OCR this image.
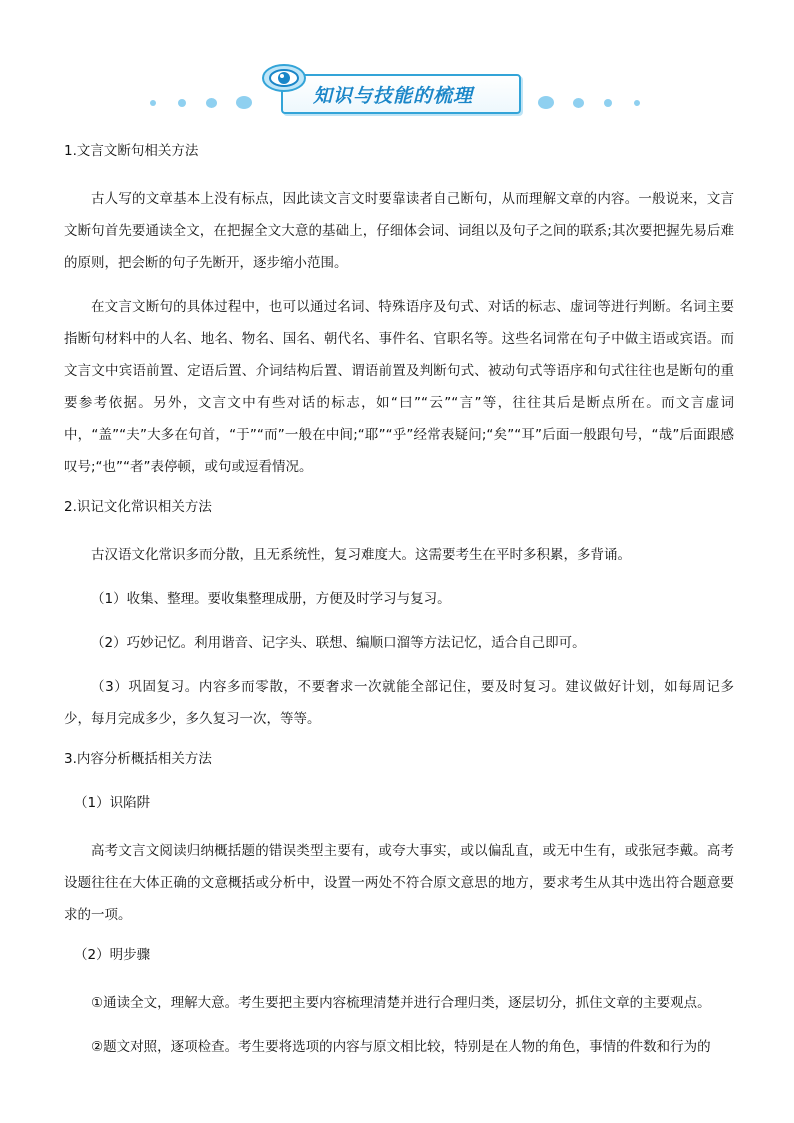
知识与技能的梳理

1.文言文断句相关方法

古人写的文章基本上没有标点，因此读文言文时要靠读者自己断句，从而理解文章的内容。一般说来，文言文断句首先要通读全文，在把握全文大意的基础上，仔细体会词、词组以及句子之间的联系;其次要把握先易后难的原则，把会断的句子先断开，逐步缩小范围。

在文言文断句的具体过程中，也可以通过名词、特殊语序及句式、对话的标志、虚词等进行判断。名词主要指断句材料中的人名、地名、物名、国名、朝代名、事件名、官职名等。这些名词常在句子中做主语或宾语。而文言文中宾语前置、定语后置、介词结构后置、谓语前置及判断句式、被动句式等语序和句式往往也是断句的重要参考依据。另外，文言文中有些对话的标志，如“曰”“云”“言”等，往往其后是断点所在。而文言虚词中，“盖”“夫”大多在句首，“于”“而”一般在中间;“耶”“乎”经常表疑问;“矣”“耳”后面一般跟句号，“哉”后面跟感叹号;“也”“者”表停顿，或句或逗看情况。

2.识记文化常识相关方法

古汉语文化常识多而分散，且无系统性，复习难度大。这需要考生在平时多积累，多背诵。

（1）收集、整理。要收集整理成册，方便及时学习与复习。

（2）巧妙记忆。利用谐音、记字头、联想、编顺口溜等方法记忆，适合自己即可。

（3）巩固复习。内容多而零散，不要奢求一次就能全部记住，要及时复习。建议做好计划，如每周记多少，每月完成多少，多久复习一次，等等。

3.内容分析概括相关方法

（1）识陷阱

高考文言文阅读归纳概括题的错误类型主要有，或夸大事实，或以偏乱直，或无中生有，或张冠李戴。高考设题往往在大体正确的文意概括或分析中，设置一两处不符合原文意思的地方，要求考生从其中选出符合题意要求的一项。

（2）明步骤

①通读全文，理解大意。考生要把主要内容梳理清楚并进行合理归类，逐层切分，抓住文章的主要观点。

②题文对照，逐项检查。考生要将选项的内容与原文相比较，特别是在人物的角色，事情的件数和行为的
